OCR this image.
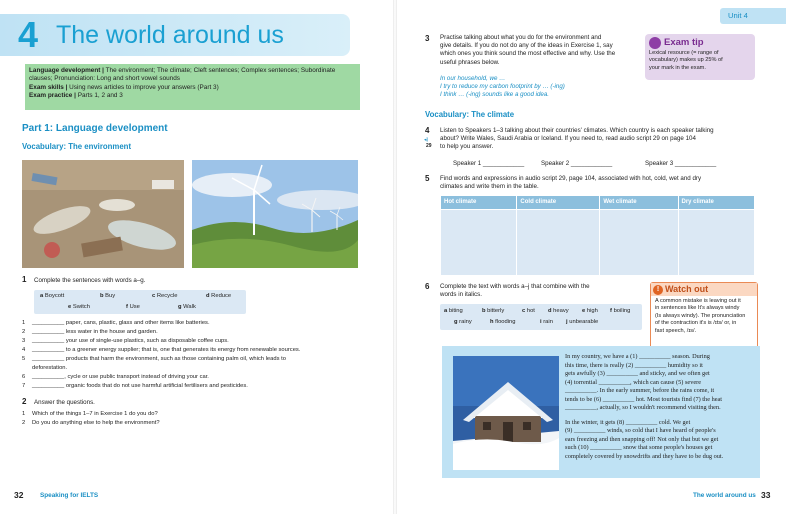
4 The world around us
Language development | The environment; The climate; Cleft sentences; Complex sentences; Subordinate clauses; Pronunciation: Long and short vowel sounds
Exam skills | Using news articles to improve your answers (Part 3)
Exam practice | Parts 1, 2 and 3
Part 1: Language development
Vocabulary: The environment
1 Complete the sentences with words a–g.
a Boycott	b Buy	c Recycle	d Reduce
e Switch	f Use	g Walk
1 __________ paper, cans, plastic, glass and other items like batteries.
2 __________ less water in the house and garden.
3 __________ your use of single-use plastics, such as disposable coffee cups.
4 __________ to a greener energy supplier; that is, one that generates its energy from renewable sources.
5 __________ products that harm the environment, such as those containing palm oil, which leads to
deforestation.
6 __________, cycle or use public transport instead of driving your car.
7 __________ organic foods that do not use harmful artificial fertilisers and pesticides.
2 Answer the questions.
1 Which of the things 1–7 in Exercise 1 do you do?
2 Do you do anything else to help the environment?
32	Speaking for IELTS
Unit 4
3 Practise talking about what you do for the environment and
give details. If you do not do any of the ideas in Exercise 1, say
which ones you think sound the most effective and why. Use the
useful phrases below.
In our household, we …
I try to reduce my carbon footprint by … (-ing)
I think … (-ing) sounds like a good idea.
Exam tip
Lexical resource (= range of
vocabulary) makes up 25% of
your mark in the exam.
Vocabulary: The climate
4
◂)
29
Listen to Speakers 1–3 talking about their countries' climates. Which country is each speaker talking
about? Write Wales, Saudi Arabia or Iceland. If you need to, read audio script 29 on page 104
to help you answer.
Speaker 1 ____________	Speaker 2 ____________	Speaker 3 ____________
5 Find words and expressions in audio script 29, page 104, associated with hot, cold, wet and dry
climates and write them in the table.
Hot climate	Cold climate	Wet climate	Dry climate

6 Complete the text with words a–j that combine with the
words in italics.
a biting	b bitterly	c hot d heavy e high f boiling
g rainy	h flooding	i rain j unbearable
! Watch out
A common mistake is leaving out it
in sentences like It's always windy
(Is always windy). The pronunciation
of the contraction it's is /ɪts/ or, in
fast speech, /ɪs/.
In my country, we have a (1) __________ season. During
this time, there is really (2) __________ humidity so it
gets awfully (3) __________ and sticky, and we often get
(4) torrential __________, which can cause (5) severe
__________. In the early summer, before the rains come, it
tends to be (6) __________ hot. Most tourists find (7) the heat
__________, actually, so I wouldn't recommend visiting then.
In the winter, it gets (8) __________ cold. We get
(9) __________ winds, so cold that I have heard of people's
ears freezing and then snapping off! Not only that but we get
such (10) __________ snow that some people's houses get
completely covered by snowdrifts and they have to be dug out.
The world around us 33
